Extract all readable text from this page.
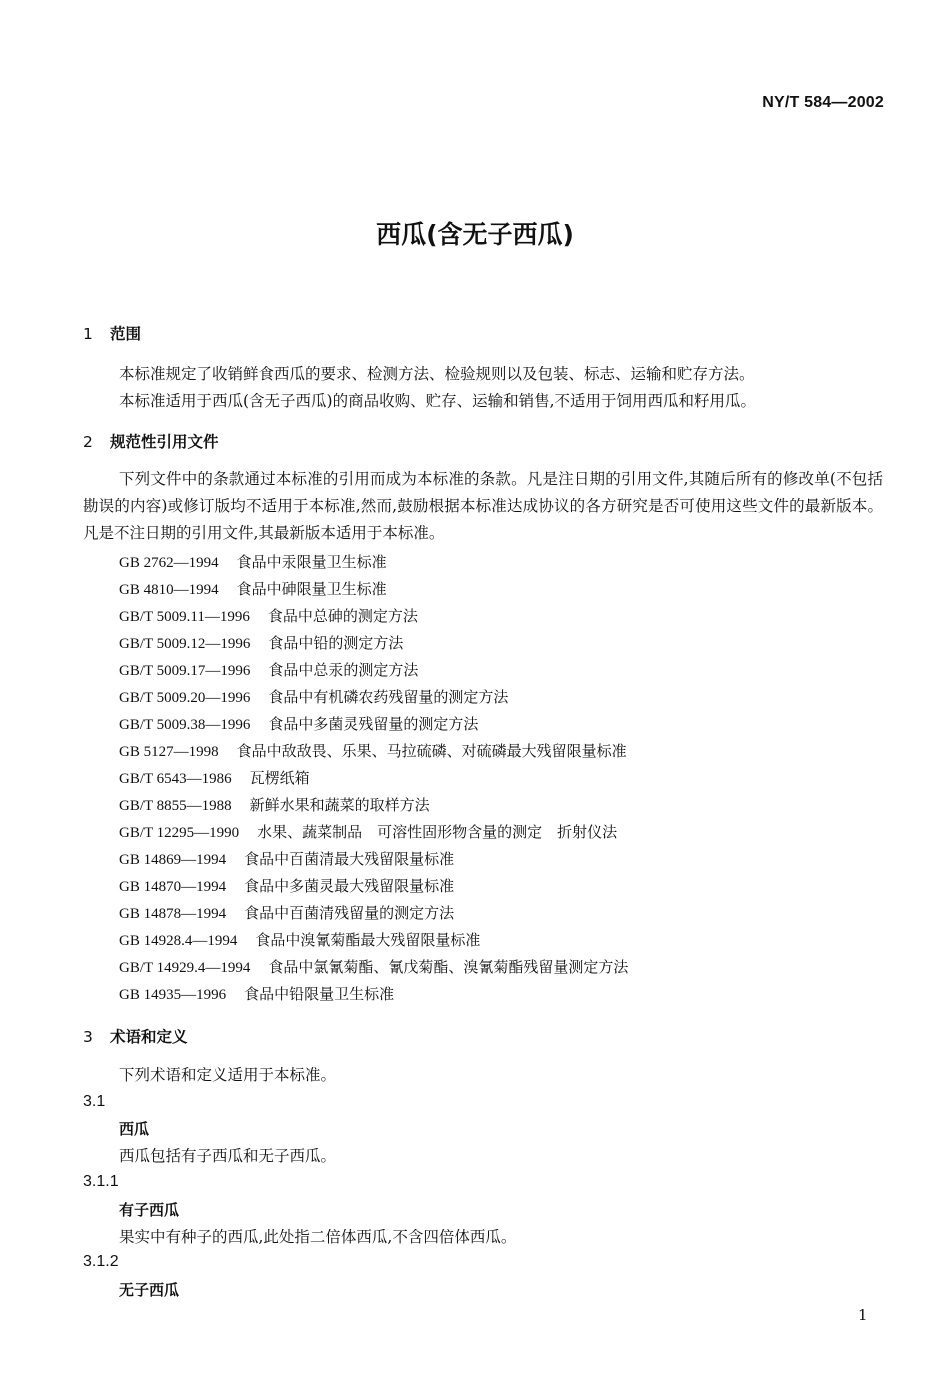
NY/T 584—2002
西瓜(含无子西瓜)
1 范围
本标准规定了收销鲜食西瓜的要求、检测方法、检验规则以及包装、标志、运输和贮存方法。
本标准适用于西瓜(含无子西瓜)的商品收购、贮存、运输和销售,不适用于饲用西瓜和籽用瓜。
2 规范性引用文件
下列文件中的条款通过本标准的引用而成为本标准的条款。凡是注日期的引用文件,其随后所有的修改单(不包括勘误的内容)或修订版均不适用于本标准,然而,鼓励根据本标准达成协议的各方研究是否可使用这些文件的最新版本。凡是不注日期的引用文件,其最新版本适用于本标准。
GB 2762—1994 食品中汞限量卫生标准
GB 4810—1994 食品中砷限量卫生标准
GB/T 5009.11—1996 食品中总砷的测定方法
GB/T 5009.12—1996 食品中铅的测定方法
GB/T 5009.17—1996 食品中总汞的测定方法
GB/T 5009.20—1996 食品中有机磷农药残留量的测定方法
GB/T 5009.38—1996 食品中多菌灵残留量的测定方法
GB 5127—1998 食品中敌敌畏、乐果、马拉硫磷、对硫磷最大残留限量标准
GB/T 6543—1986 瓦楞纸箱
GB/T 8855—1988 新鲜水果和蔬菜的取样方法
GB/T 12295—1990 水果、蔬菜制品　可溶性固形物含量的测定　折射仪法
GB 14869—1994 食品中百菌清最大残留限量标准
GB 14870—1994 食品中多菌灵最大残留限量标准
GB 14878—1994 食品中百菌清残留量的测定方法
GB 14928.4—1994 食品中溴氰菊酯最大残留限量标准
GB/T 14929.4—1994 食品中氯氰菊酯、氰戊菊酯、溴氰菊酯残留量测定方法
GB 14935—1996 食品中铅限量卫生标准
3 术语和定义
下列术语和定义适用于本标准。
3.1
西瓜
西瓜包括有子西瓜和无子西瓜。
3.1.1
有子西瓜
果实中有种子的西瓜,此处指二倍体西瓜,不含四倍体西瓜。
3.1.2
无子西瓜
1
